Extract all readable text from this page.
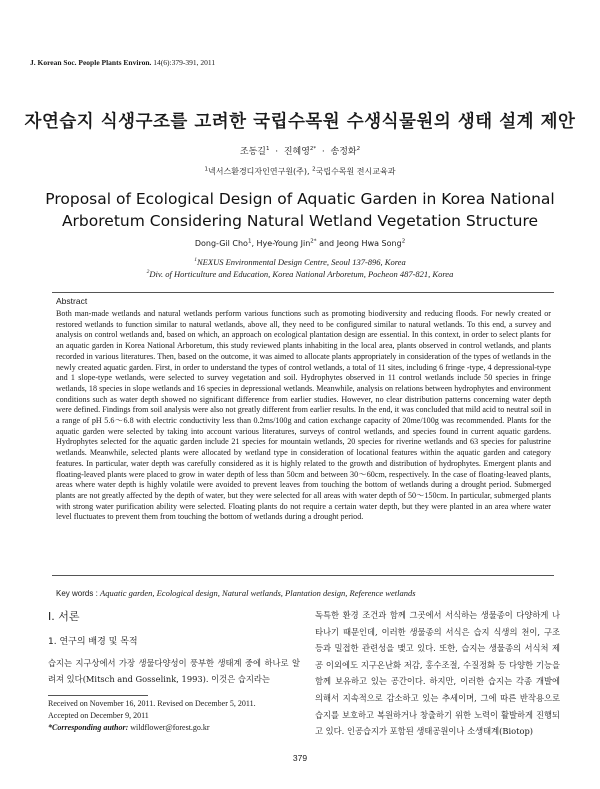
J. Korean Soc. People Plants Environ. 14(6):379-391, 2011
자연습지 식생구조를 고려한 국립수목원 수생식물원의 생태 설계 제안
조동길$^1$ · 진혜영$^{2*}$ · 송정화$^2$
$^1$넥서스환경디자인연구원(주), $^2$국립수목원 전시교육과
Proposal of Ecological Design of Aquatic Garden in Korea National
Arboretum Considering Natural Wetland Vegetation Structure
Dong-Gil Cho$^1$, Hye-Young Jin$^{2*}$ and Jeong Hwa Song$^2$
$^1$NEXUS Environmental Design Centre, Seoul 137-896, Korea
$^2$Div. of Horticulture and Education, Korea National Arboretum, Pocheon 487-821, Korea
Abstract
Both man-made wetlands and natural wetlands perform various functions such as promoting biodiversity and reducing floods. For newly created or restored wetlands to function similar to natural wetlands, above all, they need to be configured similar to natural wetlands. To this end, a survey and analysis on control wetlands and, based on which, an approach on ecological plantation design are essential. In this context, in order to select plants for an aquatic garden in Korea National Arboretum, this study reviewed plants inhabiting in the local area, plants observed in control wetlands, and plants recorded in various literatures. Then, based on the outcome, it was aimed to allocate plants appropriately in consideration of the types of wetlands in the newly created aquatic garden. First, in order to understand the types of control wetlands, a total of 11 sites, including 6 fringe -type, 4 depressional-type and 1 slope-type wetlands, were selected to survey vegetation and soil. Hydrophytes observed in 11 control wetlands include 50 species in fringe wetlands, 18 species in slope wetlands and 16 species in depressional wetlands. Meanwhile, analysis on relations between hydrophytes and environment conditions such as water depth showed no significant difference from earlier studies. However, no clear distribution patterns concerning water depth were defined. Findings from soil analysis were also not greatly different from earlier results. In the end, it was concluded that mild acid to neutral soil in a range of pH 5.6～6.8 with electric conductivity less than 0.2ms/100g and cation exchange capacity of 20me/100g was recommended. Plants for the aquatic garden were selected by taking into account various literatures, surveys of control wetlands, and species found in current aquatic gardens. Hydrophytes selected for the aquatic garden include 21 species for mountain wetlands, 20 species for riverine wetlands and 63 species for palustrine wetlands. Meanwhile, selected plants were allocated by wetland type in consideration of locational features within the aquatic garden and category features. In particular, water depth was carefully considered as it is highly related to the growth and distribution of hydrophytes. Emergent plants and floating-leaved plants were placed to grow in water depth of less than 50cm and between 30～60cm, respectively. In the case of floating-leaved plants, areas where water depth is highly volatile were avoided to prevent leaves from touching the bottom of wetlands during a drought period. Submerged plants are not greatly affected by the depth of water, but they were selected for all areas with water depth of 50～150cm. In particular, submerged plants with strong water purification ability were selected. Floating plants do not require a certain water depth, but they were planted in an area where water level fluctuates to prevent them from touching the bottom of wetlands during a drought period.
Key words : Aquatic garden, Ecological design, Natural wetlands, Plantation design, Reference wetlands
Ⅰ. 서론
1. 연구의 배경 및 목적
습지는 지구상에서 가장 생물다양성이 풍부한 생태계 중에 하나로 알려져 있다(Mitsch and Gosselink, 1993). 이것은 습지라는
독특한 환경 조건과 함께 그곳에서 서식하는 생물종이 다양하게 나타나기 때문인데, 이러한 생물종의 서식은 습지 식생의 천이, 구조 등과 밀접한 관련성을 맺고 있다. 또한, 습지는 생물종의 서식처 제공 이외에도 지구온난화 저감, 홍수조절, 수질정화 등 다양한 기능을 함께 보유하고 있는 공간이다. 하지만, 이러한 습지는 각종 개발에 의해서 지속적으로 감소하고 있는 추세이며, 그에 따른 반작용으로 습지를 보호하고 복원하거나 창출하기 위한 노력이 활발하게 진행되고 있다. 인공습지가 포함된 생태공원이나 소생태계(Biotop)
Received on November 16, 2011. Revised on December 5, 2011.
Accepted on December 9, 2011
*Corresponding author: wildflower@forest.go.kr
379
